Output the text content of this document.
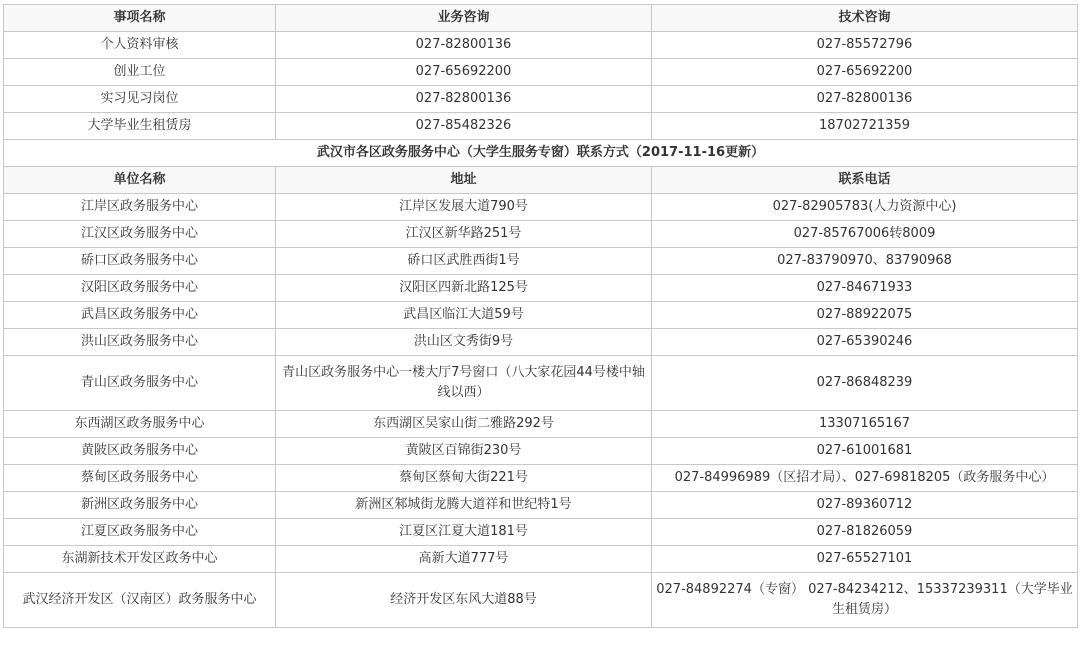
事项名称	业务咨询	技术咨询
个人资料审核	027-82800136	027-85572796
创业工位	027-65692200	027-65692200
实习见习岗位	027-82800136	027-82800136
大学毕业生租赁房	027-85482326	18702721359
武汉市各区政务服务中心（大学生服务专窗）联系方式（2017-11-16更新）		
单位名称	地址	联系电话
江岸区政务服务中心	江岸区发展大道790号	027-82905783(人力资源中心)
江汉区政务服务中心	江汉区新华路251号	027-85767006转8009
硚口区政务服务中心	硚口区武胜西街1号	027-83790970、83790968
汉阳区政务服务中心	汉阳区四新北路125号	027-84671933
武昌区政务服务中心	武昌区临江大道59号	027-88922075
洪山区政务服务中心	洪山区文秀街9号	027-65390246
青山区政务服务中心	青山区政务服务中心一楼大厅7号窗口（八大家花园44号楼中轴线以西）	027-86848239
东西湖区政务服务中心	东西湖区吴家山街二雅路292号	13307165167
黄陂区政务服务中心	黄陂区百锦街230号	027-61001681
蔡甸区政务服务中心	蔡甸区蔡甸大街221号	027-84996989（区招才局）、027-69818205（政务服务中心）
新洲区政务服务中心	新洲区邾城街龙腾大道祥和世纪特1号	027-89360712
江夏区政务服务中心	江夏区江夏大道181号	027-81826059
东湖新技术开发区政务中心	高新大道777号	027-65527101
武汉经济开发区（汉南区）政务服务中心	经济开发区东风大道88号	027-84892274（专窗） 027-84234212、15337239311（大学毕业生租赁房）
